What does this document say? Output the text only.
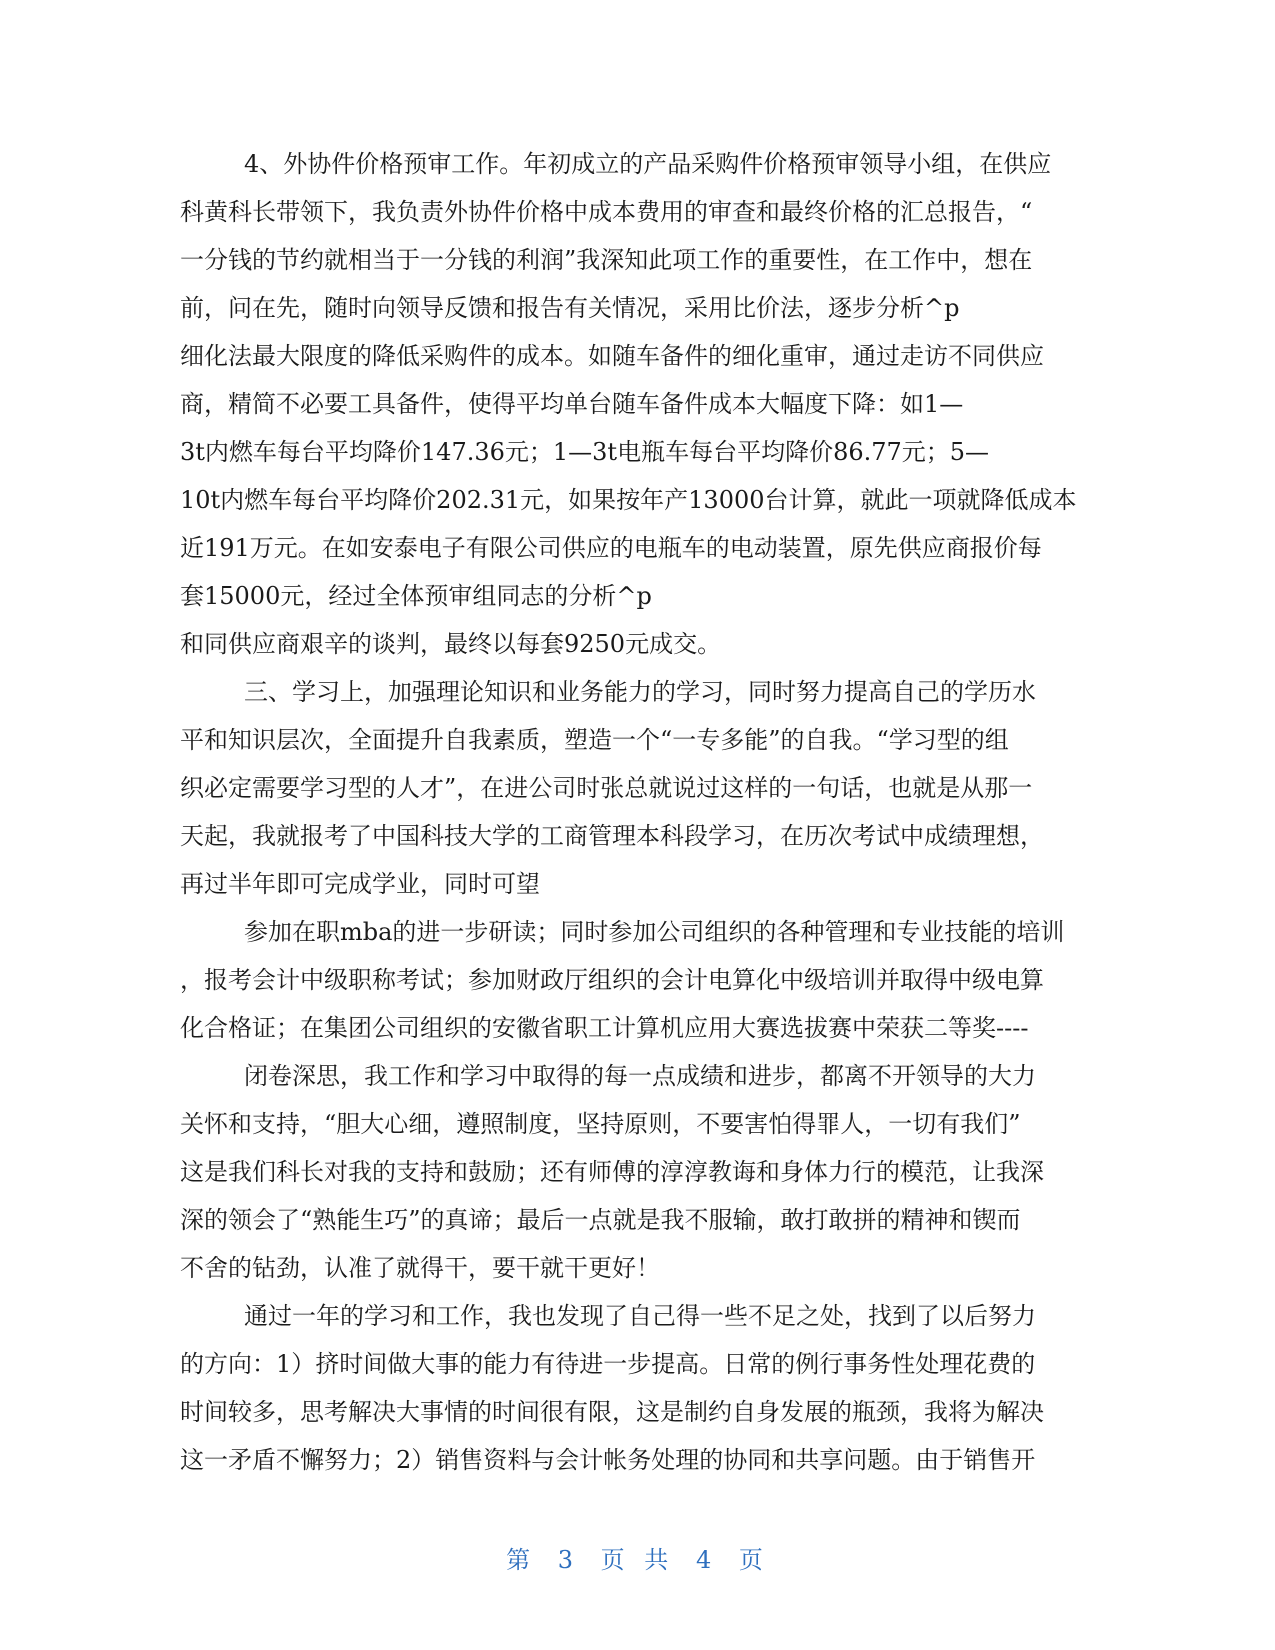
4、外协件价格预审工作。年初成立的产品采购件价格预审领导小组，在供应
科黄科长带领下，我负责外协件价格中成本费用的审查和最终价格的汇总报告，“
一分钱的节约就相当于一分钱的利润”我深知此项工作的重要性，在工作中，想在
前，问在先，随时向领导反馈和报告有关情况，采用比价法，逐步分析^p
细化法最大限度的降低采购件的成本。如随车备件的细化重审，通过走访不同供应
商，精简不必要工具备件，使得平均单台随车备件成本大幅度下降：如1—
3t内燃车每台平均降价147.36元；1—3t电瓶车每台平均降价86.77元；5—
10t内燃车每台平均降价202.31元，如果按年产13000台计算，就此一项就降低成本
近191万元。在如安泰电子有限公司供应的电瓶车的电动装置，原先供应商报价每
套15000元，经过全体预审组同志的分析^p
和同供应商艰辛的谈判，最终以每套9250元成交。
三、学习上，加强理论知识和业务能力的学习，同时努力提高自己的学历水
平和知识层次，全面提升自我素质，塑造一个“一专多能”的自我。“学习型的组
织必定需要学习型的人才”，在进公司时张总就说过这样的一句话，也就是从那一
天起，我就报考了中国科技大学的工商管理本科段学习，在历次考试中成绩理想，
再过半年即可完成学业，同时可望
参加在职mba的进一步研读；同时参加公司组织的各种管理和专业技能的培训
，报考会计中级职称考试；参加财政厅组织的会计电算化中级培训并取得中级电算
化合格证；在集团公司组织的安徽省职工计算机应用大赛选拔赛中荣获二等奖----
闭卷深思，我工作和学习中取得的每一点成绩和进步，都离不开领导的大力
关怀和支持，“胆大心细，遵照制度，坚持原则，不要害怕得罪人，一切有我们”
这是我们科长对我的支持和鼓励；还有师傅的淳淳教诲和身体力行的模范，让我深
深的领会了“熟能生巧”的真谛；最后一点就是我不服输，敢打敢拼的精神和锲而
不舍的钻劲，认准了就得干，要干就干更好！
通过一年的学习和工作，我也发现了自己得一些不足之处，找到了以后努力
的方向：1）挤时间做大事的能力有待进一步提高。日常的例行事务性处理花费的
时间较多，思考解决大事情的时间很有限，这是制约自身发展的瓶颈，我将为解决
这一矛盾不懈努力；2）销售资料与会计帐务处理的协同和共享问题。由于销售开
第 3 页 共 4 页
